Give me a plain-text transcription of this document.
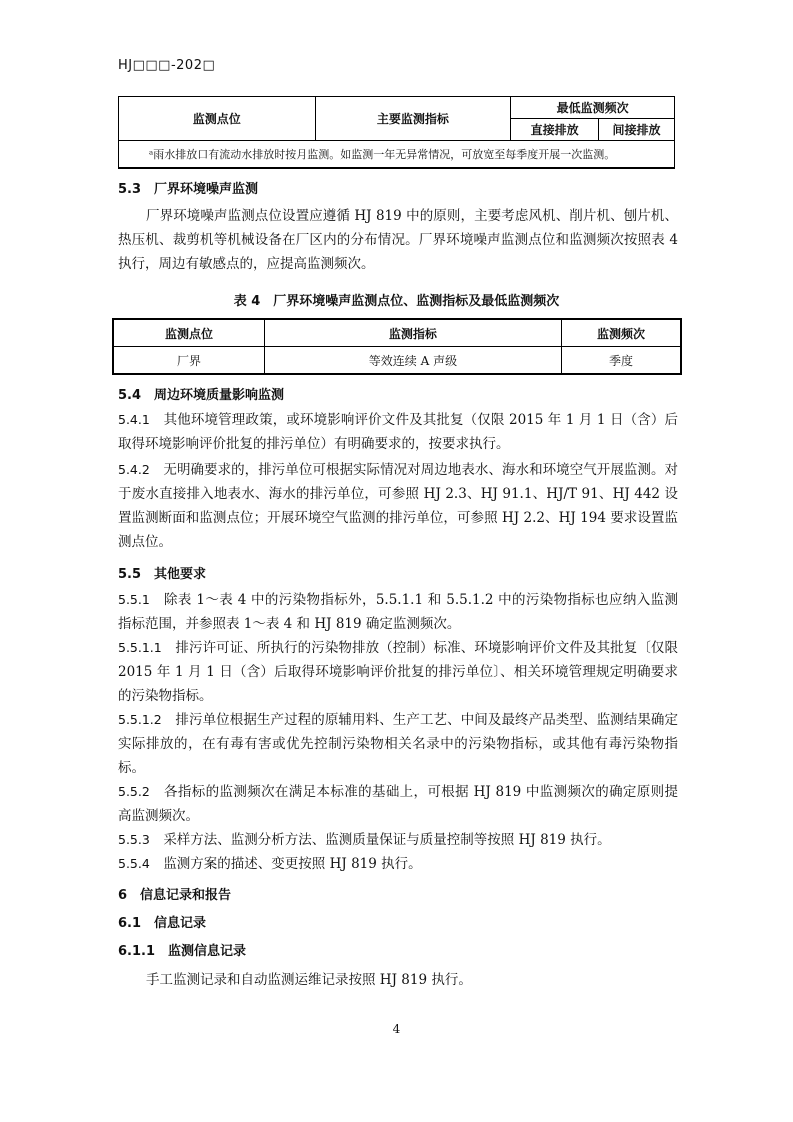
HJ□□□-202□
监测点位	主要监测指标	最低监测频次	
		直接排放	间接排放
ᵃ雨水排放口有流动水排放时按月监测。如监测一年无异常情况，可放宽至每季度开展一次监测。			
5.3　厂界环境噪声监测
厂界环境噪声监测点位设置应遵循 HJ 819 中的原则，主要考虑风机、削片机、刨片机、热压机、裁剪机等机械设备在厂区内的分布情况。厂界环境噪声监测点位和监测频次按照表 4 执行，周边有敏感点的，应提高监测频次。
表 4　厂界环境噪声监测点位、监测指标及最低监测频次
监测点位	监测指标	监测频次
厂界	等效连续 A 声级	季度
5.4　周边环境质量影响监测
5.4.1　 其他环境管理政策，或环境影响评价文件及其批复（仅限 2015 年 1 月 1 日（含）后取得环境影响评价批复的排污单位）有明确要求的，按要求执行。
5.4.2　 无明确要求的，排污单位可根据实际情况对周边地表水、海水和环境空气开展监测。对于废水直接排入地表水、海水的排污单位，可参照 HJ 2.3、HJ 91.1、HJ/T 91、HJ 442 设置监测断面和监测点位；开展环境空气监测的排污单位，可参照 HJ 2.2、HJ 194 要求设置监测点位。
5.5　其他要求
5.5.1　 除表 1～表 4 中的污染物指标外，5.5.1.1 和 5.5.1.2 中的污染物指标也应纳入监测指标范围，并参照表 1～表 4 和 HJ 819 确定监测频次。
5.5.1.1　 排污许可证、所执行的污染物排放（控制）标准、环境影响评价文件及其批复〔仅限 2015 年 1 月 1 日（含）后取得环境影响评价批复的排污单位〕、相关环境管理规定明确要求的污染物指标。
5.5.1.2　 排污单位根据生产过程的原辅用料、生产工艺、中间及最终产品类型、监测结果确定实际排放的，在有毒有害或优先控制污染物相关名录中的污染物指标，或其他有毒污染物指标。
5.5.2　 各指标的监测频次在满足本标准的基础上，可根据 HJ 819 中监测频次的确定原则提高监测频次。
5.5.3　 采样方法、监测分析方法、监测质量保证与质量控制等按照 HJ 819 执行。
5.5.4　 监测方案的描述、变更按照 HJ 819 执行。
6　信息记录和报告
6.1　信息记录
6.1.1　监测信息记录
手工监测记录和自动监测运维记录按照 HJ 819 执行。
4
